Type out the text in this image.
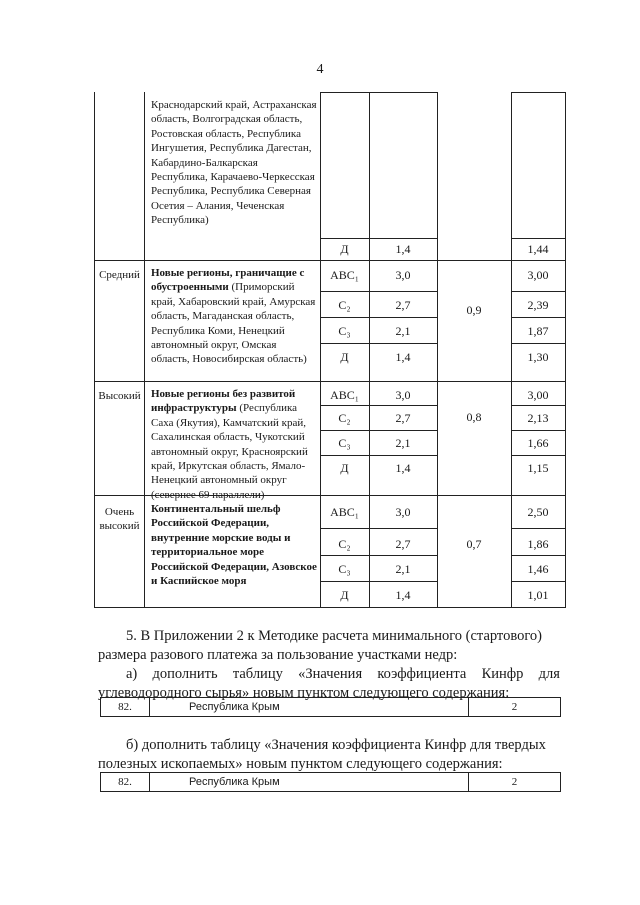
4
Краснодарский край, Астраханская область, Волгоградская область, Ростовская область, Республика Ингушетия, Республика Дагестан, Кабардино-Балкарская Республика, Карачаево-Черкесская Республика, Республика Северная Осетия – Алания, Чеченская Республика)
Д	1,4	1,44
Средний	Новые регионы, граничащие с обустроенными (Приморский край, Хабаровский край, Амурская область, Магаданская область, Республика Коми, Ненецкий автономный округ, Омская область, Новосибирская область)
0,9
ABC₁	3,0	3,00
C₂	2,7	2,39
C₃	2,1	1,87
Д	1,4	1,30
Высокий Новые регионы без развитой инфраструктуры (Республика Саха (Якутия), Камчатский край, Сахалинская область, Чукотский автономный округ, Красноярский край, Иркутская область, Ямало-Ненецкий автономный округ (севернее 69 параллели)
0,8
ABC₁	3,0	3,00
C₂	2,7	2,13
C₃	2,1	1,66
Д	1,4	1,15
Очень высокий
Континентальный шельф Российской Федерации, внутренние морские воды и территориальное море Российской Федерации, Азовское и Каспийское моря
0,7
ABC₁	3,0	2,50
C₂	2,7	1,86
C₃	2,1	1,46
Д	1,4	1,01
5. В Приложении 2 к Методике расчета минимального (стартового)
размера разового платежа за пользование участками недр:
а) дополнить таблицу «Значения коэффициента Кинфр для
углеводородного сырья» новым пунктом следующего содержания:
82.	Республика Крым	2
б) дополнить таблицу «Значения коэффициента Кинфр для твердых
полезных ископаемых» новым пунктом следующего содержания:
82.	Республика Крым	2
